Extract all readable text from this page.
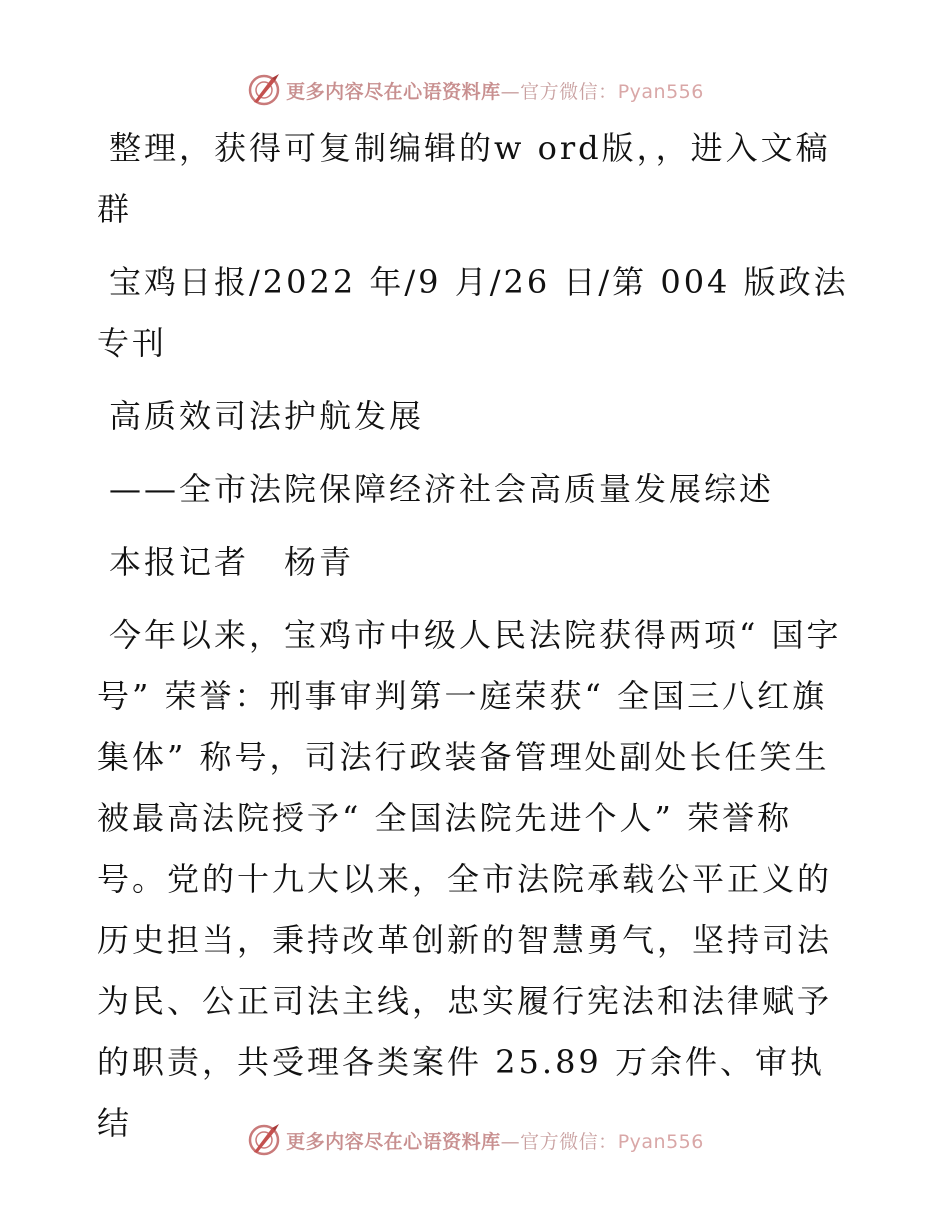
更多内容尽在心语资料库—官方微信：Pyan556

整理，获得可复制编辑的w ord版，，进入文稿群

宝鸡日报/2022 年/9 月/26 日/第 004 版政法专刊

高质效司法护航发展

——全市法院保障经济社会高质量发展综述

本报记者　杨青

今年以来，宝鸡市中级人民法院获得两项“ 国字号” 荣誉：刑事审判第一庭荣获“ 全国三八红旗集体” 称号，司法行政装备管理处副处长任笑生被最高法院授予“ 全国法院先进个人” 荣誉称号。党的十九大以来，全市法院承载公平正义的历史担当，秉持改革创新的智慧勇气，坚持司法为民、公正司法主线，忠实履行宪法和法律赋予的职责，共受理各类案件 25.89 万余件、审执结	更多内容尽在心语资料库—官方微信：Pyan556
